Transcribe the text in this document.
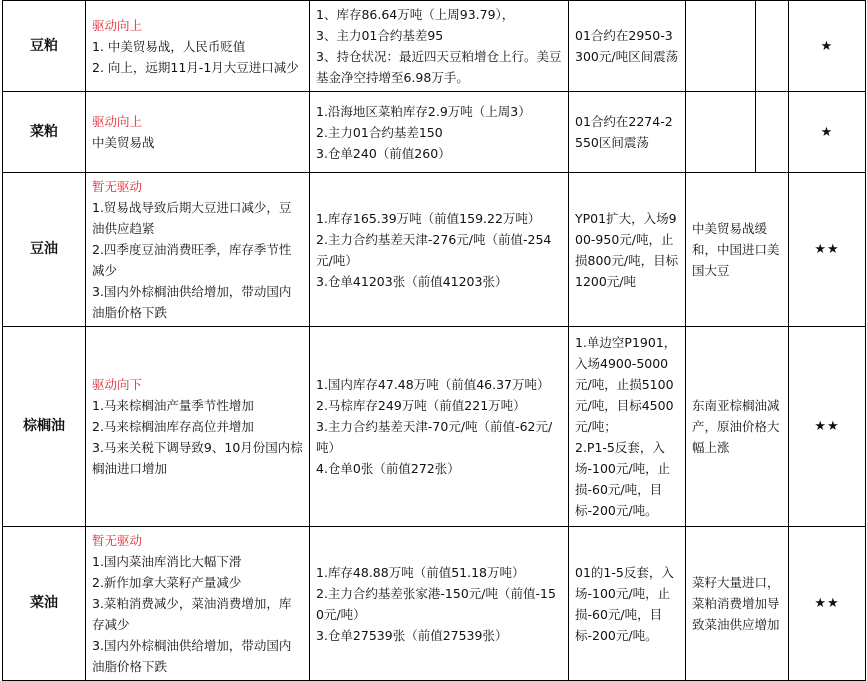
豆粕	驱动向上
1. 中美贸易战，人民币贬值
2. 向上，远期11月-1月大豆进口减少	1、库存86.64万吨（上周93.79），
3、主力01合约基差95
3、持仓状况：最近四天豆粕增仓上行。美豆基金净空持增至6.98万手。	01合约在2950-3300元/吨区间震荡			★
菜粕	驱动向上
中美贸易战	1.沿海地区菜粕库存2.9万吨（上周3）
2.主力01合约基差150
3.仓单240（前值260）	01合约在2274-2550区间震荡			★
豆油	暂无驱动
1.贸易战导致后期大豆进口减少，豆油供应趋紧
2.四季度豆油消费旺季，库存季节性减少
3.国内外棕榈油供给增加，带动国内油脂价格下跌	1.库存165.39万吨（前值159.22万吨）
2.主力合约基差天津-276元/吨（前值-254元/吨）
3.仓单41203张（前值41203张）	YP01扩大，入场900-950元/吨，止损800元/吨，目标1200元/吨	中美贸易战缓和，中国进口美国大豆		★★
棕榈油	驱动向下
1.马来棕榈油产量季节性增加
2.马来棕榈油库存高位并增加
3.马来关税下调导致9、10月份国内棕榈油进口增加	1.国内库存47.48万吨（前值46.37万吨）
2.马棕库存249万吨（前值221万吨）
3.主力合约基差天津-70元/吨（前值-62元/吨）
4.仓单0张（前值272张）	1.单边空P1901，入场4900-5000元/吨，止损5100元/吨，目标4500元/吨；
2.P1-5反套，入场-100元/吨，止损-60元/吨，目标-200元/吨。	东南亚棕榈油减产，原油价格大幅上涨		★★
菜油	暂无驱动
1.国内菜油库消比大幅下滑
2.新作加拿大菜籽产量减少
3.菜粕消费减少，菜油消费增加，库存减少
3.国内外棕榈油供给增加，带动国内油脂价格下跌	1.库存48.88万吨（前值51.18万吨）
2.主力合约基差张家港-150元/吨（前值-150元/吨）
3.仓单27539张（前值27539张）	01的1-5反套，入场-100元/吨，止损-60元/吨，目标-200元/吨。	菜籽大量进口，菜粕消费增加导致菜油供应增加		★★
